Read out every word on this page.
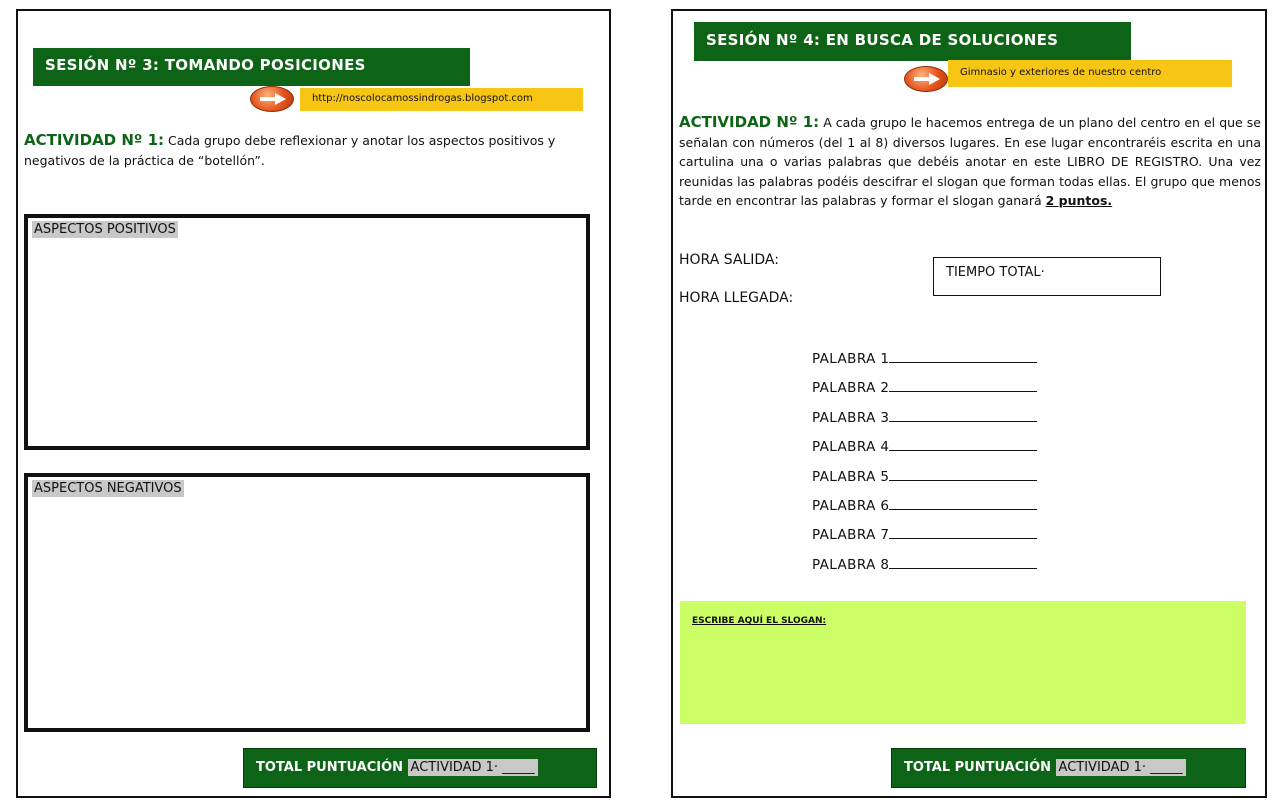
SESIÓN Nº 3: TOMANDO POSICIONES
http://noscolocamossindrogas.blogspot.com
ACTIVIDAD Nº 1: Cada grupo debe reflexionar y anotar los aspectos positivos y negativos de la práctica de “botellón”.
ASPECTOS POSITIVOS
ASPECTOS NEGATIVOS
TOTAL PUNTUACIÓN ACTIVIDAD 1· _____
SESIÓN Nº 4: EN BUSCA DE SOLUCIONES
Gimnasio y exteriores de nuestro centro
ACTIVIDAD Nº 1: A cada grupo le hacemos entrega de un plano del centro en el que se señalan con números (del 1 al 8) diversos lugares. En ese lugar encontraréis escrita en una cartulina una o varias palabras que debéis anotar en este LIBRO DE REGISTRO. Una vez reunidas las palabras podéis descifrar el slogan que forman todas ellas. El grupo que menos tarde en encontrar las palabras y formar el slogan ganará 2 puntos.
HORA SALIDA:
HORA LLEGADA:
TIEMPO TOTAL·
PALABRA 1
PALABRA 2
PALABRA 3
PALABRA 4
PALABRA 5
PALABRA 6
PALABRA 7
PALABRA 8
ESCRIBE AQUÍ EL SLOGAN:
TOTAL PUNTUACIÓN ACTIVIDAD 1· _____
